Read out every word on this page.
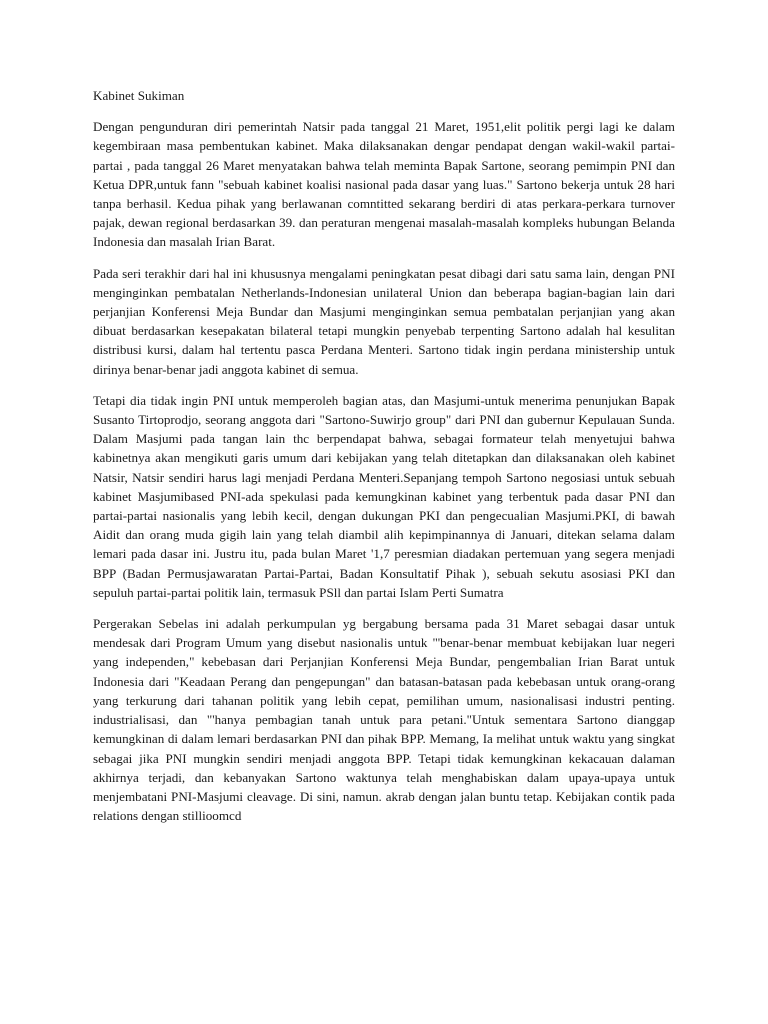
Kabinet Sukiman

Dengan pengunduran diri pemerintah Natsir pada tanggal 21 Maret, 1951,elit politik pergi lagi ke dalam kegembiraan masa pembentukan kabinet. Maka dilaksanakan dengar pendapat dengan wakil-wakil partai-partai , pada tanggal 26 Maret menyatakan bahwa telah meminta Bapak Sartone, seorang pemimpin PNI dan Ketua DPR,untuk fann "sebuah kabinet koalisi nasional pada dasar yang luas." Sartono bekerja untuk 28 hari tanpa berhasil. Kedua pihak yang berlawanan comntitted sekarang berdiri di atas perkara-perkara turnover pajak, dewan regional berdasarkan 39. dan peraturan mengenai masalah-masalah kompleks hubungan Belanda Indonesia dan masalah Irian Barat.

Pada seri terakhir dari hal ini khususnya mengalami peningkatan pesat dibagi dari satu sama lain, dengan PNI menginginkan pembatalan Netherlands-Indonesian unilateral Union dan beberapa bagian-bagian lain dari perjanjian Konferensi Meja Bundar dan Masjumi menginginkan semua pembatalan perjanjian yang akan dibuat berdasarkan kesepakatan bilateral tetapi mungkin penyebab terpenting Sartono adalah hal kesulitan distribusi kursi, dalam hal tertentu pasca Perdana Menteri. Sartono tidak ingin perdana ministership untuk dirinya benar-benar jadi anggota kabinet di semua.

Tetapi dia tidak ingin PNI untuk memperoleh bagian atas, dan Masjumi-untuk menerima penunjukan Bapak Susanto Tirtoprodjo, seorang anggota dari "Sartono-Suwirjo group" dari PNI dan gubernur Kepulauan Sunda. Dalam Masjumi pada tangan lain thc berpendapat bahwa, sebagai formateur telah menyetujui bahwa kabinetnya akan mengikuti garis umum dari kebijakan yang telah ditetapkan dan dilaksanakan oleh kabinet Natsir, Natsir sendiri harus lagi menjadi Perdana Menteri.Sepanjang tempoh Sartono negosiasi untuk sebuah kabinet Masjumibased PNI-ada spekulasi pada kemungkinan kabinet yang terbentuk pada dasar PNI dan partai-partai nasionalis yang lebih kecil, dengan dukungan PKI dan pengecualian Masjumi.PKI, di bawah Aidit dan orang muda gigih lain yang telah diambil alih kepimpinannya di Januari, ditekan selama dalam lemari pada dasar ini. Justru itu, pada bulan Maret '1,7 peresmian diadakan pertemuan yang segera menjadi BPP (Badan Permusjawaratan Partai-Partai, Badan Konsultatif Pihak ), sebuah sekutu asosiasi PKI dan sepuluh partai-partai politik lain, termasuk PSll dan partai Islam Perti Sumatra

Pergerakan Sebelas ini adalah perkumpulan yg bergabung bersama pada 31 Maret sebagai dasar untuk mendesak dari Program Umum yang disebut nasionalis untuk "'benar-benar membuat kebijakan luar negeri yang independen," kebebasan dari Perjanjian Konferensi Meja Bundar, pengembalian Irian Barat untuk Indonesia dari "Keadaan Perang dan pengepungan" dan batasan-batasan pada kebebasan untuk orang-orang yang terkurung dari tahanan politik yang lebih cepat, pemilihan umum, nasionalisasi industri penting. industrialisasi, dan "'hanya pembagian tanah untuk para petani."Untuk sementara Sartono dianggap kemungkinan di dalam lemari berdasarkan PNI dan pihak BPP. Memang, Ia melihat untuk waktu yang singkat sebagai jika PNI mungkin sendiri menjadi anggota BPP. Tetapi tidak kemungkinan kekacauan dalaman akhirnya terjadi, dan kebanyakan Sartono waktunya telah menghabiskan dalam upaya-upaya untuk menjembatani PNI-Masjumi cleavage. Di sini, namun. akrab dengan jalan buntu tetap. Kebijakan contik pada relations dengan stillioomcd
